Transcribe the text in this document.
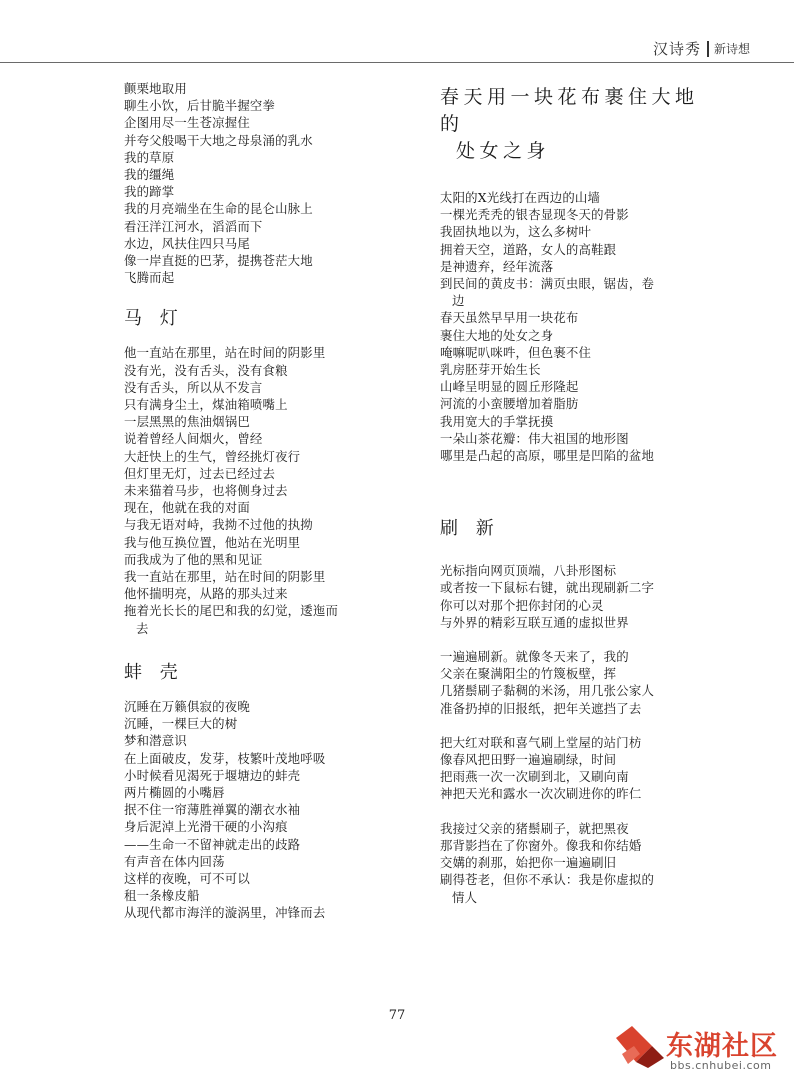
汉诗秀 新诗想
颤栗地取用
聊生小饮，后甘脆半握空拳
企图用尽一生苍凉握住
并夸父般喝干大地之母泉涌的乳水
我的草原
我的缰绳
我的蹄掌
我的月亮端坐在生命的昆仑山脉上
看汪洋江河水，滔滔而下
水边，风扶住四只马尾
像一岸直挺的巴茅，提携苍茫大地
飞腾而起
马 灯
他一直站在那里，站在时间的阴影里
没有光，没有舌头，没有食粮
没有舌头，所以从不发言
只有满身尘土，煤油箱喷嘴上
一层黑黑的焦油烟锅巴
说着曾经人间烟火，曾经
大赶快上的生气，曾经挑灯夜行
但灯里无灯，过去已经过去
未来猫着马步，也将侧身过去
现在，他就在我的对面
与我无语对峙，我拗不过他的执拗
我与他互换位置，他站在光明里
而我成为了他的黑和见证
我一直站在那里，站在时间的阴影里
他怀揣明亮，从路的那头过来
拖着光长长的尾巴和我的幻觉，逶迤而
去
蚌 壳
沉睡在万籁俱寂的夜晚
沉睡，一棵巨大的树
梦和潜意识
在上面破皮，发芽，枝繁叶茂地呼吸
小时候看见渴死于堰塘边的蚌壳
两片椭圆的小嘴唇
抿不住一帘薄胜禅翼的潮衣水袖
身后泥淖上光滑干硬的小沟痕
——生命一不留神就走出的歧路
有声音在体内回荡
这样的夜晚，可不可以
租一条橡皮船
从现代都市海洋的漩涡里，冲锋而去
春天用一块花布裹住大地的
处女之身
太阳的X光线打在西边的山墙
一棵光秃秃的银杏显现冬天的骨影
我固执地以为，这么多树叶
拥着天空，道路，女人的高鞋跟
是神遗弃，经年流落
到民间的黄皮书：满页虫眼，锯齿，卷
边
春天虽然早早用一块花布
裹住大地的处女之身
唵嘛呢叭咪吽，但色裹不住
乳房胚芽开始生长
山峰呈明显的圆丘形隆起
河流的小蛮腰增加着脂肪
我用宽大的手掌抚摸
一朵山茶花瓣：伟大祖国的地形图
哪里是凸起的高原，哪里是凹陷的盆地
刷 新
光标指向网页顶端，八卦形图标
或者按一下鼠标右键，就出现刷新二字
你可以对那个把你封闭的心灵
与外界的精彩互联互通的虚拟世界
一遍遍刷新。就像冬天来了，我的
父亲在聚满阳尘的竹篾板壁，挥
几猪鬃刷子黏稠的米汤，用几张公家人
准备扔掉的旧报纸，把年关遮挡了去
把大红对联和喜气刷上堂屋的站门枋
像春风把田野一遍遍刷绿，时间
把雨燕一次一次刷到北，又刷向南
神把天光和露水一次次刷进你的昨仁
我接过父亲的猪鬃刷子，就把黑夜
那背影挡在了你窗外。像我和你结婚
交媾的刹那，始把你一遍遍刷旧
刷得苍老，但你不承认：我是你虚拟的
情人
77
东湖社区
bbs.cnhubei.com
